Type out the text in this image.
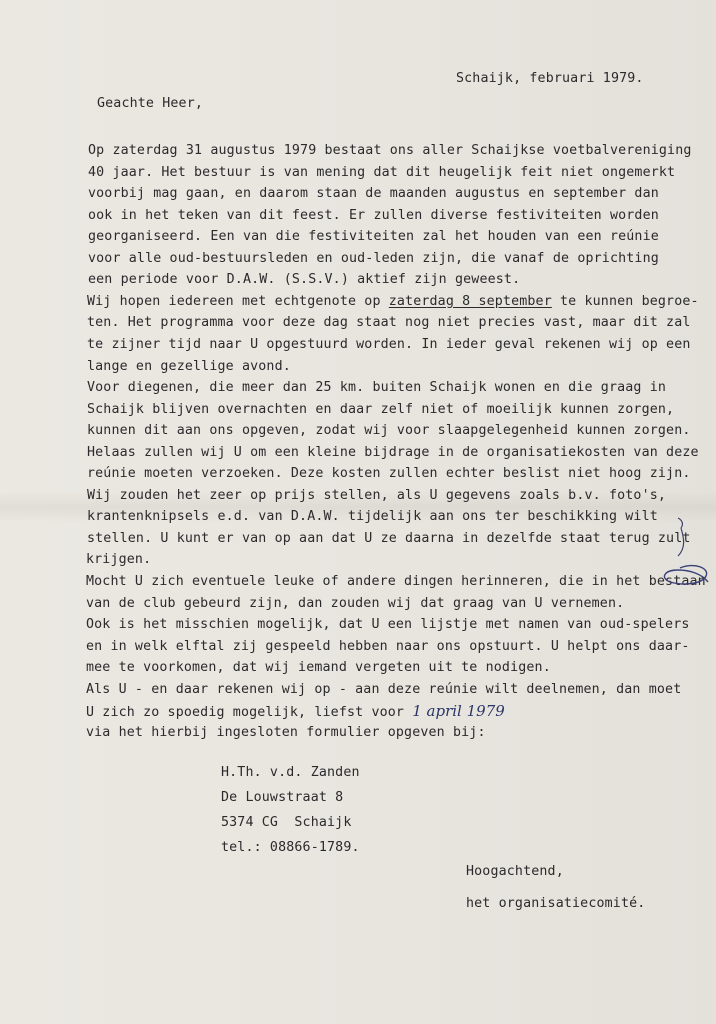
Schaijk, februari 1979.
Geachte Heer,
Op zaterdag 31 augustus 1979 bestaat ons aller Schaijkse voetbalvereniging
40 jaar. Het bestuur is van mening dat dit heugelijk feit niet ongemerkt
voorbij mag gaan, en daarom staan de maanden augustus en september dan
ook in het teken van dit feest. Er zullen diverse festiviteiten worden
georganiseerd. Een van die festiviteiten zal het houden van een reúnie
voor alle oud-bestuursleden en oud-leden zijn, die vanaf de oprichting
een periode voor D.A.W. (S.S.V.) aktief zijn geweest.
Wij hopen iedereen met echtgenote op zaterdag 8 september te kunnen begroe-
ten. Het programma voor deze dag staat nog niet precies vast, maar dit zal
te zijner tijd naar U opgestuurd worden. In ieder geval rekenen wij op een
lange en gezellige avond.
Voor diegenen, die meer dan 25 km. buiten Schaijk wonen en die graag in
Schaijk blijven overnachten en daar zelf niet of moeilijk kunnen zorgen,
kunnen dit aan ons opgeven, zodat wij voor slaapgelegenheid kunnen zorgen.
Helaas zullen wij U om een kleine bijdrage in de organisatiekosten van deze
reúnie moeten verzoeken. Deze kosten zullen echter beslist niet hoog zijn.
Wij zouden het zeer op prijs stellen, als U gegevens zoals b.v. foto's,
krantenknipsels e.d. van D.A.W. tijdelijk aan ons ter beschikking wilt
stellen. U kunt er van op aan dat U ze daarna in dezelfde staat terug zult
krijgen.
Mocht U zich eventuele leuke of andere dingen herinneren, die in het bestaan
van de club gebeurd zijn, dan zouden wij dat graag van U vernemen.
Ook is het misschien mogelijk, dat U een lijstje met namen van oud-spelers
en in welk elftal zij gespeeld hebben naar ons opstuurt. U helpt ons daar-
mee te voorkomen, dat wij iemand vergeten uit te nodigen.
Als U - en daar rekenen wij op - aan deze reúnie wilt deelnemen, dan moet
U zich zo spoedig mogelijk, liefst voor 1 april 1979
via het hierbij ingesloten formulier opgeven bij:
H.Th. v.d. Zanden
De Louwstraat 8
5374 CG  Schaijk
tel.: 08866-1789.
Hoogachtend,
het organisatiecomité.
